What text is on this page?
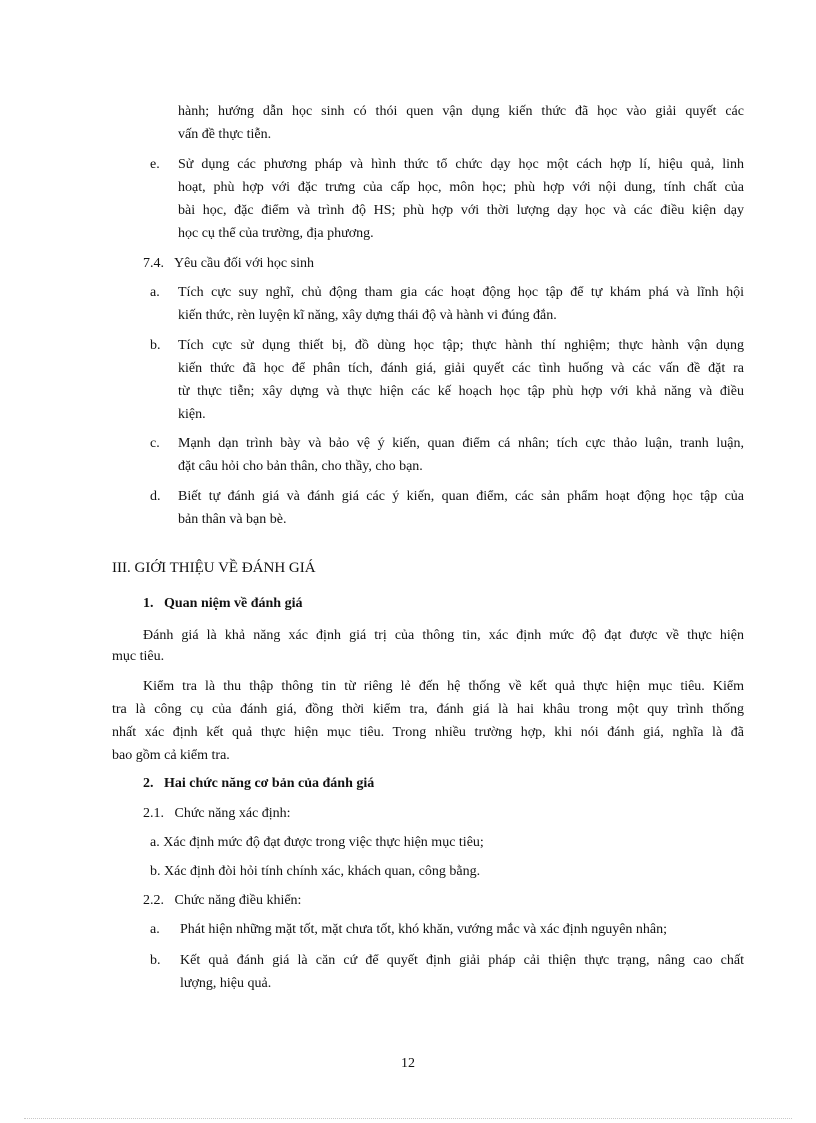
hành; hướng dẫn học sinh có thói quen vận dụng kiến thức đã học vào giải quyết các
vấn đề thực tiễn.
e. Sử dụng các phương pháp và hình thức tổ chức dạy học một cách hợp lí, hiệu quả, linh
hoạt, phù hợp với đặc trưng của cấp học, môn học; phù hợp với nội dung, tính chất của
bài học, đặc điểm và trình độ HS; phù hợp với thời lượng dạy học và các điều kiện dạy
học cụ thể của trường, địa phương.
7.4.   Yêu cầu đối với học sinh
a. Tích cực suy nghĩ, chủ động tham gia các hoạt động học tập để tự khám phá và lĩnh hội
kiến thức, rèn luyện kĩ năng, xây dựng thái độ và hành vi đúng đắn.
b. Tích cực sử dụng thiết bị, đồ dùng học tập; thực hành thí nghiệm; thực hành vận dụng
kiến thức đã học để phân tích, đánh giá, giải quyết các tình huống và các vấn đề đặt ra
từ thực tiễn; xây dựng và thực hiện các kế hoạch học tập phù hợp với khả năng và điều
kiện.
c. Mạnh dạn trình bày và bảo vệ ý kiến, quan điểm cá nhân; tích cực thảo luận, tranh luận,
đặt câu hỏi cho bản thân, cho thầy, cho bạn.
d. Biết tự đánh giá và đánh giá các ý kiến, quan điểm, các sản phẩm hoạt động học tập của
bản thân và bạn bè.
III. GIỚI THIỆU VỀ ĐÁNH GIÁ
1.   Quan niệm về đánh giá
Đánh giá là khả năng xác định giá trị của thông tin, xác định mức độ đạt được về thực hiện
mục tiêu.
Kiểm tra là thu thập thông tin từ riêng lẻ đến hệ thống về kết quả thực hiện mục tiêu. Kiểm
tra là công cụ của đánh giá, đồng thời kiểm tra, đánh giá là hai khâu trong một quy trình thống
nhất xác định kết quả thực hiện mục tiêu. Trong nhiều trường hợp, khi nói đánh giá, nghĩa là đã
bao gồm cả kiểm tra.
2.   Hai chức năng cơ bản của đánh giá
2.1.   Chức năng xác định:
a. Xác định mức độ đạt được trong việc thực hiện mục tiêu;
b. Xác định đòi hỏi tính chính xác, khách quan, công bằng.
2.2.   Chức năng điều khiển:
a. Phát hiện những mặt tốt, mặt chưa tốt, khó khăn, vướng mắc và xác định nguyên nhân;
b. Kết quả đánh giá là căn cứ để quyết định giải pháp cải thiện thực trạng, nâng cao chất
lượng, hiệu quả.
12
